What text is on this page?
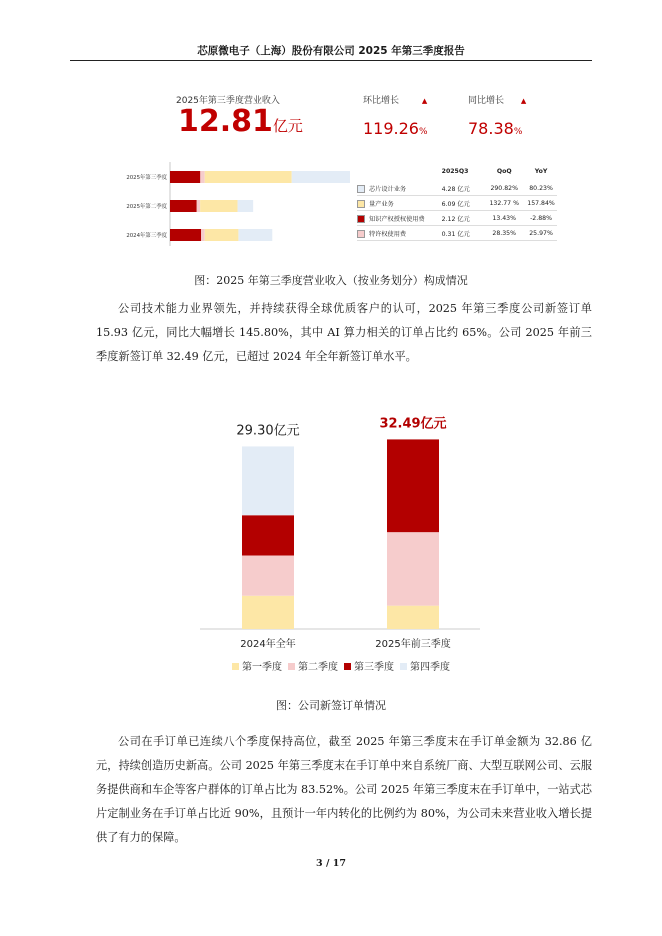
芯原微电子（上海）股份有限公司 2025 年第三季度报告
2025年第三季度营业收入
12.81亿元
环比增长	▲
119.26%
同比增长 ▲
78.38%
2025年第三季度
2025年第二季度
2024年第三季度
	2025Q3	QoQ	YoY
芯片设计业务	4.28 亿元	290.82%	80.23%
量产业务	6.09 亿元	132.77 %	157.84%
知识产权授权使用费	2.12 亿元	13.43%	-2.88%
特许权使用费	0.31 亿元	28.35%	25.97%
图：2025 年第三季度营业收入（按业务划分）构成情况
公司技术能力业界领先，并持续获得全球优质客户的认可，2025 年第三季度公司新签订单 15.93 亿元，同比大幅增长 145.80%，其中 AI 算力相关的订单占比约 65%。公司 2025 年前三季度新签订单 32.49 亿元，已超过 2024 年全年新签订单水平。
29.30亿元
2024年全年
32.49亿元
2025年前三季度
第一季度 第二季度 第三季度 第四季度
图：公司新签订单情况
公司在手订单已连续八个季度保持高位，截至 2025 年第三季度末在手订单金额为 32.86 亿元，持续创造历史新高。公司 2025 年第三季度末在手订单中来自系统厂商、大型互联网公司、云服务提供商和车企等客户群体的订单占比为 83.52%。公司 2025 年第三季度末在手订单中，一站式芯片定制业务在手订单占比近 90%，且预计一年内转化的比例约为 80%，为公司未来营业收入增长提供了有力的保障。
3 / 17
